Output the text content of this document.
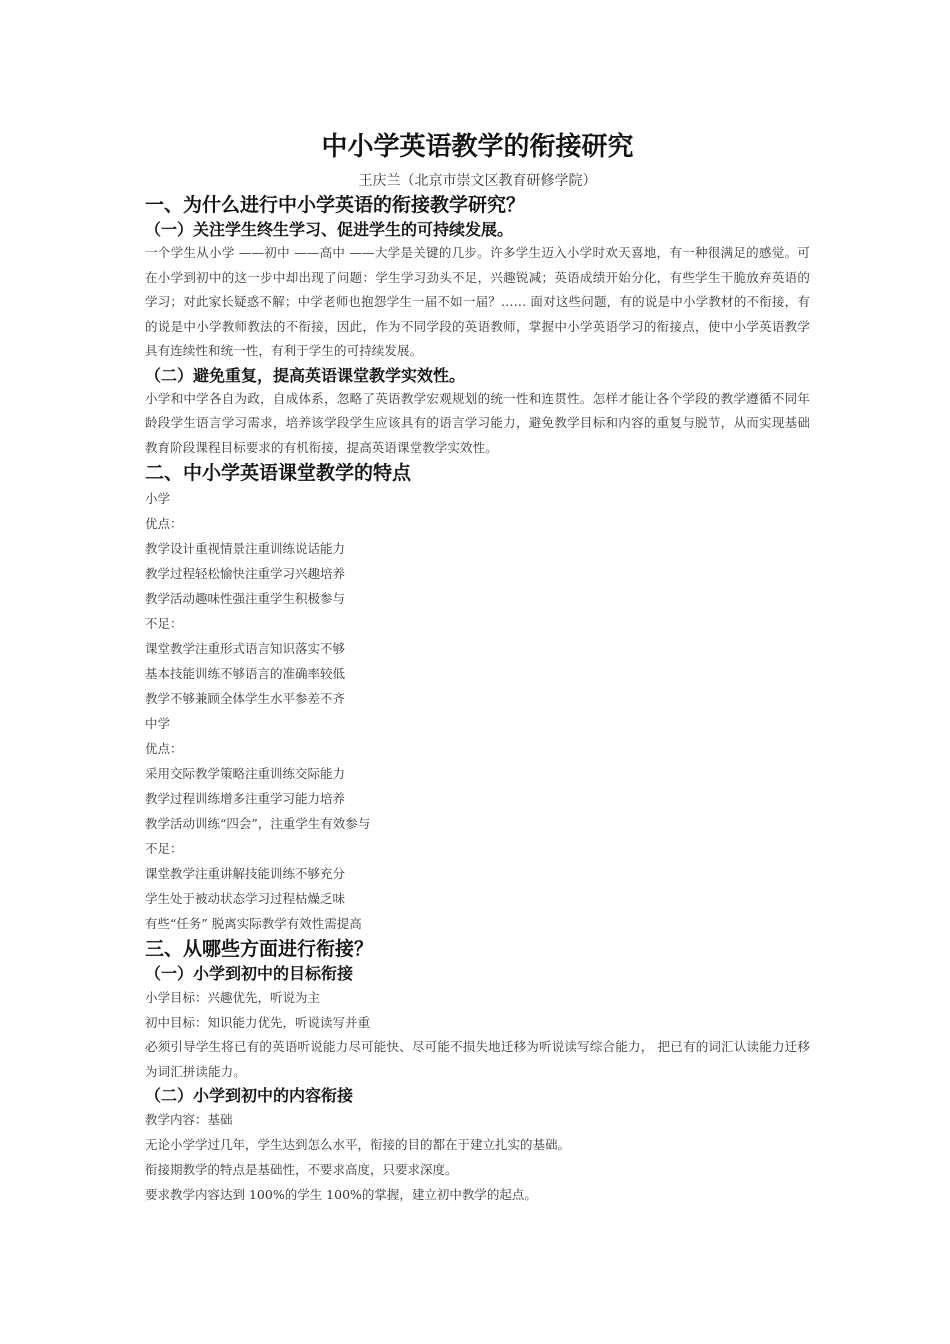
中小学英语教学的衔接研究

王庆兰（北京市崇文区教育研修学院）

一、为什么进行中小学英语的衔接教学研究？
（一）关注学生终生学习、促进学生的可持续发展。

一个学生从小学 ——初中 ——高中 ——大学是关键的几步。许多学生迈入小学时欢天喜地，有一种很满足的感觉。可在小学到初中的这一步中却出现了问题：学生学习劲头不足，兴趣锐减；英语成绩开始分化，有些学生干脆放弃英语的学习；对此家长疑惑不解；中学老师也抱怨学生一届不如一届？…… 面对这些问题，有的说是中小学教材的不衔接，有的说是中小学教师教法的不衔接，因此，作为不同学段的英语教师，掌握中小学英语学习的衔接点，使中小学英语教学具有连续性和统一性，有利于学生的可持续发展。

（二）避免重复，提高英语课堂教学实效性。

小学和中学各自为政，自成体系，忽略了英语教学宏观规划的统一性和连贯性。怎样才能让各个学段的教学遵循不同年龄段学生语言学习需求，培养该学段学生应该具有的语言学习能力，避免教学目标和内容的重复与脱节，从而实现基础教育阶段课程目标要求的有机衔接，提高英语课堂教学实效性。

二、中小学英语课堂教学的特点

小学

优点：

教学设计重视情景注重训练说话能力

教学过程轻松愉快注重学习兴趣培养

教学活动趣味性强注重学生积极参与

不足：

课堂教学注重形式语言知识落实不够

基本技能训练不够语言的准确率较低

教学不够兼顾全体学生水平参差不齐

中学

优点：

采用交际教学策略注重训练交际能力

教学过程训练增多注重学习能力培养

教学活动训练“四会”，注重学生有效参与

不足：

课堂教学注重讲解技能训练不够充分

学生处于被动状态学习过程枯燥乏味

有些“任务” 脱离实际教学有效性需提高

三、从哪些方面进行衔接？
（一）小学到初中的目标衔接

小学目标：兴趣优先，听说为主

初中目标：知识能力优先，听说读写并重

必须引导学生将已有的英语听说能力尽可能快、尽可能不损失地迁移为听说读写综合能力， 把已有的词汇认读能力迁移为词汇拼读能力。

（二）小学到初中的内容衔接

教学内容：基础

无论小学学过几年，学生达到怎么水平，衔接的目的都在于建立扎实的基础。

衔接期教学的特点是基础性，不要求高度，只要求深度。

要求教学内容达到 100%的学生 100%的掌握，建立初中教学的起点。
